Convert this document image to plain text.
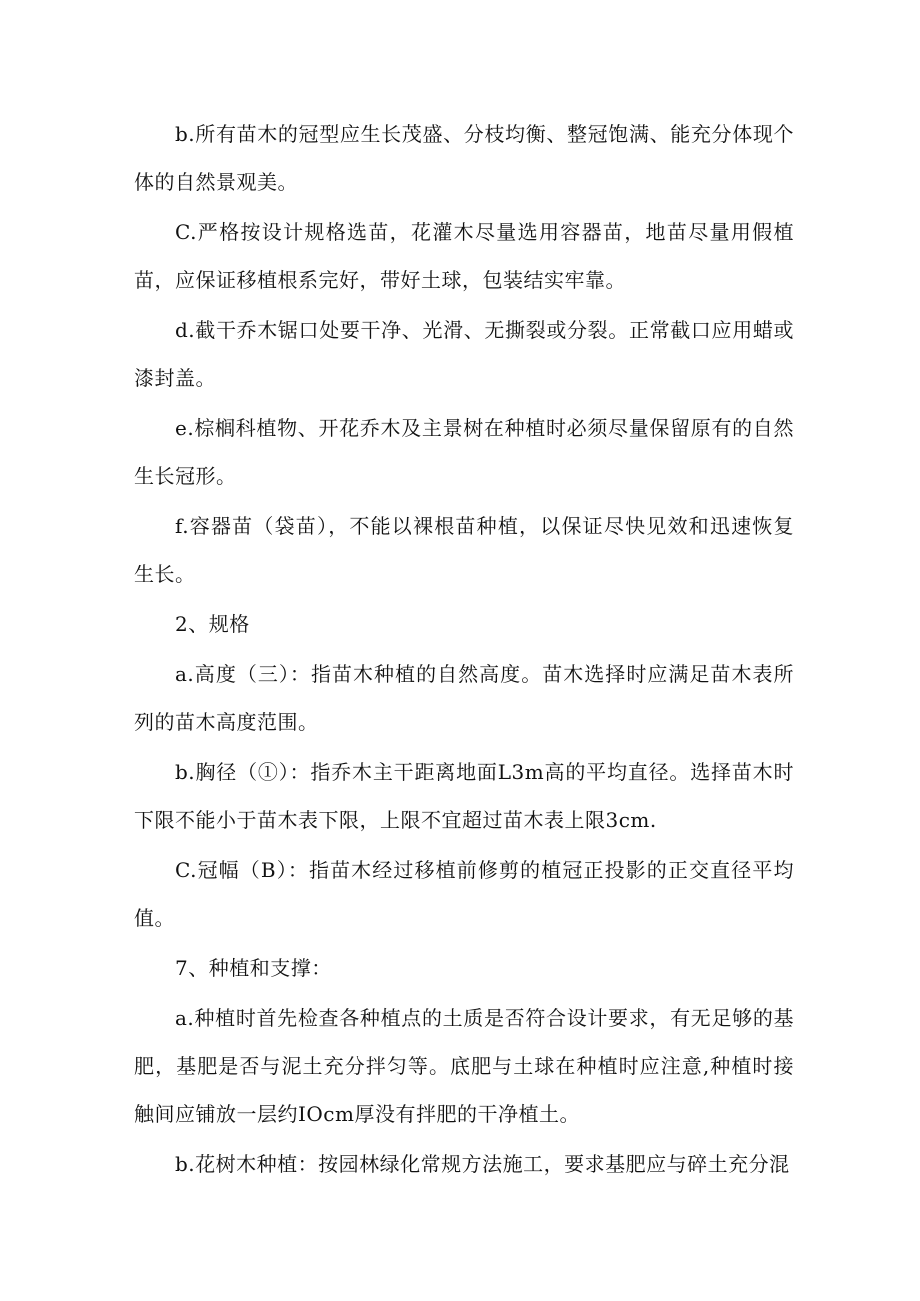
b.所有苗木的冠型应生长茂盛、分枝均衡、整冠饱满、能充分体现个体的自然景观美。

C.严格按设计规格选苗，花灌木尽量选用容器苗，地苗尽量用假植苗，应保证移植根系完好，带好土球，包装结实牢靠。

d.截干乔木锯口处要干净、光滑、无撕裂或分裂。正常截口应用蜡或漆封盖。

e.棕榈科植物、开花乔木及主景树在种植时必须尽量保留原有的自然生长冠形。

f.容器苗（袋苗），不能以裸根苗种植，以保证尽快见效和迅速恢复生长。

2、规格

a.高度（三）：指苗木种植的自然高度。苗木选择时应满足苗木表所列的苗木高度范围。

b.胸径（①）：指乔木主干距离地面L3m高的平均直径。选择苗木时下限不能小于苗木表下限，上限不宜超过苗木表上限3cm.

C.冠幅（B）：指苗木经过移植前修剪的植冠正投影的正交直径平均值。

7、种植和支撑：

a.种植时首先检查各种植点的土质是否符合设计要求，有无足够的基肥，基肥是否与泥土充分拌匀等。底肥与土球在种植时应注意,种植时接触间应铺放一层约IOcm厚没有拌肥的干净植土。

b.花树木种植：按园林绿化常规方法施工，要求基肥应与碎土充分混
